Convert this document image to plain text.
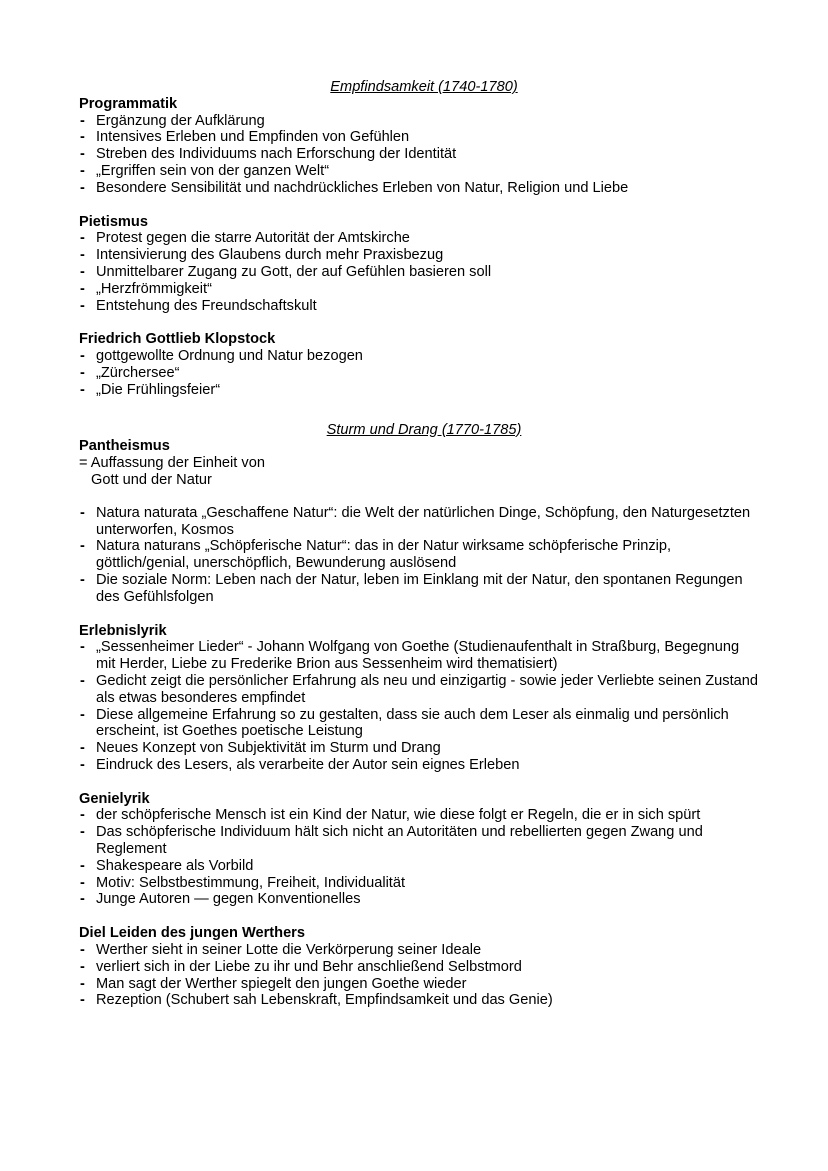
Empfindsamkeit (1740-1780)

Programmatik

- Ergänzung der Aufklärung
- Intensives Erleben und Empfinden von Gefühlen
- Streben des Individuums nach Erforschung der Identität
- „Ergriffen sein von der ganzen Welt“
- Besondere Sensibilität und nachdrückliches Erleben von Natur, Religion und Liebe

Pietismus

- Protest gegen die starre Autorität der Amtskirche
- Intensivierung des Glaubens durch mehr Praxisbezug
- Unmittelbarer Zugang zu Gott, der auf Gefühlen basieren soll
- „Herzfrömmigkeit“
- Entstehung des Freundschaftskult

Friedrich Gottlieb Klopstock

- gottgewollte Ordnung und Natur bezogen
- „Zürchersee“
- „Die Frühlingsfeier“

Sturm und Drang (1770-1785)

Pantheismus

= Auffassung der Einheit von
Gott und der Natur

- Natura naturata „Geschaffene Natur“: die Welt der natürlichen Dinge, Schöpfung, den Naturgesetzten unterworfen, Kosmos
- Natura naturans „Schöpferische Natur“: das in der Natur wirksame schöpferische Prinzip, göttlich/genial, unerschöpflich, Bewunderung auslösend
- Die soziale Norm: Leben nach der Natur, leben im Einklang mit der Natur, den spontanen Regungen des Gefühlsfolgen

Erlebnislyrik

- „Sessenheimer Lieder“ - Johann Wolfgang von Goethe (Studienaufenthalt in Straßburg, Begegnung mit Herder, Liebe zu Frederike Brion aus Sessenheim wird thematisiert)
- Gedicht zeigt die persönlicher Erfahrung als neu und einzigartig - sowie jeder Verliebte seinen Zustand als etwas besonderes empfindet
- Diese allgemeine Erfahrung so zu gestalten, dass sie auch dem Leser als einmalig und persönlich erscheint, ist Goethes poetische Leistung
- Neues Konzept von Subjektivität im Sturm und Drang
- Eindruck des Lesers, als verarbeite der Autor sein eignes Erleben

Genielyrik

- der schöpferische Mensch ist ein Kind der Natur, wie diese folgt er Regeln, die er in sich spürt
- Das schöpferische Individuum hält sich nicht an Autoritäten und rebellierten gegen Zwang und Reglement
- Shakespeare als Vorbild
- Motiv: Selbstbestimmung, Freiheit, Individualität
- Junge Autoren — gegen Konventionelles

Diel Leiden des jungen Werthers

- Werther sieht in seiner Lotte die Verkörperung seiner Ideale
- verliert sich in der Liebe zu ihr und Behr anschließend Selbstmord
- Man sagt der Werther spiegelt den jungen Goethe wieder
- Rezeption (Schubert sah Lebenskraft, Empfindsamkeit und das Genie)
